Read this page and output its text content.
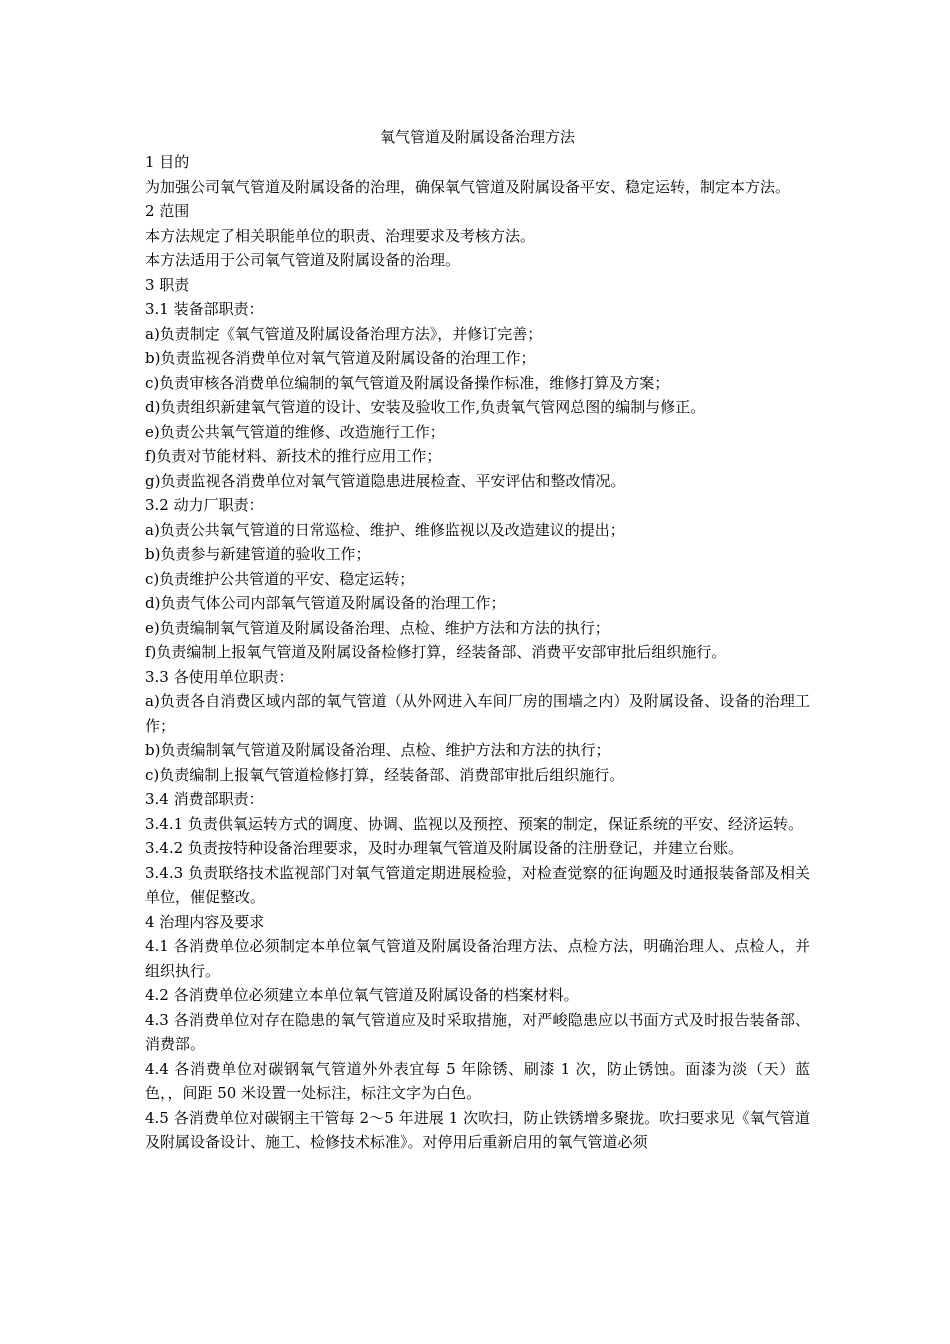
氧气管道及附属设备治理方法

1 目的

为加强公司氧气管道及附属设备的治理，确保氧气管道及附属设备平安、稳定运转，制定本方法。

2 范围

本方法规定了相关职能单位的职责、治理要求及考核方法。

本方法适用于公司氧气管道及附属设备的治理。

3 职责

3.1 装备部职责：

a)负责制定《氧气管道及附属设备治理方法》，并修订完善；

b)负责监视各消费单位对氧气管道及附属设备的治理工作；

c)负责审核各消费单位编制的氧气管道及附属设备操作标准，维修打算及方案；

d)负责组织新建氧气管道的设计、安装及验收工作,负责氧气管网总图的编制与修正。

e)负责公共氧气管道的维修、改造施行工作；

f)负责对节能材料、新技术的推行应用工作；

g)负责监视各消费单位对氧气管道隐患进展检查、平安评估和整改情况。

3.2 动力厂职责：

a)负责公共氧气管道的日常巡检、维护、维修监视以及改造建议的提出；

b)负责参与新建管道的验收工作；

c)负责维护公共管道的平安、稳定运转；

d)负责气体公司内部氧气管道及附属设备的治理工作；

e)负责编制氧气管道及附属设备治理、点检、维护方法和方法的执行；

f)负责编制上报氧气管道及附属设备检修打算，经装备部、消费平安部审批后组织施行。

3.3 各使用单位职责：

a)负责各自消费区域内部的氧气管道（从外网进入车间厂房的围墙之内）及附属设备、设备的治理工作；

b)负责编制氧气管道及附属设备治理、点检、维护方法和方法的执行；

c)负责编制上报氧气管道检修打算，经装备部、消费部审批后组织施行。

3.4 消费部职责：

3.4.1 负责供氧运转方式的调度、协调、监视以及预控、预案的制定，保证系统的平安、经济运转。

3.4.2 负责按特种设备治理要求，及时办理氧气管道及附属设备的注册登记，并建立台账。

3.4.3 负责联络技术监视部门对氧气管道定期进展检验，对检查觉察的征询题及时通报装备部及相关单位，催促整改。

4 治理内容及要求

4.1 各消费单位必须制定本单位氧气管道及附属设备治理方法、点检方法，明确治理人、点检人，并组织执行。

4.2 各消费单位必须建立本单位氧气管道及附属设备的档案材料。

4.3 各消费单位对存在隐患的氧气管道应及时采取措施，对严峻隐患应以书面方式及时报告装备部、消费部。

4.4 各消费单位对碳钢氧气管道外外表宜每 5 年除锈、刷漆 1 次，防止锈蚀。面漆为淡（天）蓝色，，间距 50 米设置一处标注，标注文字为白色。

4.5 各消费单位对碳钢主干管每 2～5 年进展 1 次吹扫，防止铁锈增多聚拢。吹扫要求见《氧气管道及附属设备设计、施工、检修技术标准》。对停用后重新启用的氧气管道必须
